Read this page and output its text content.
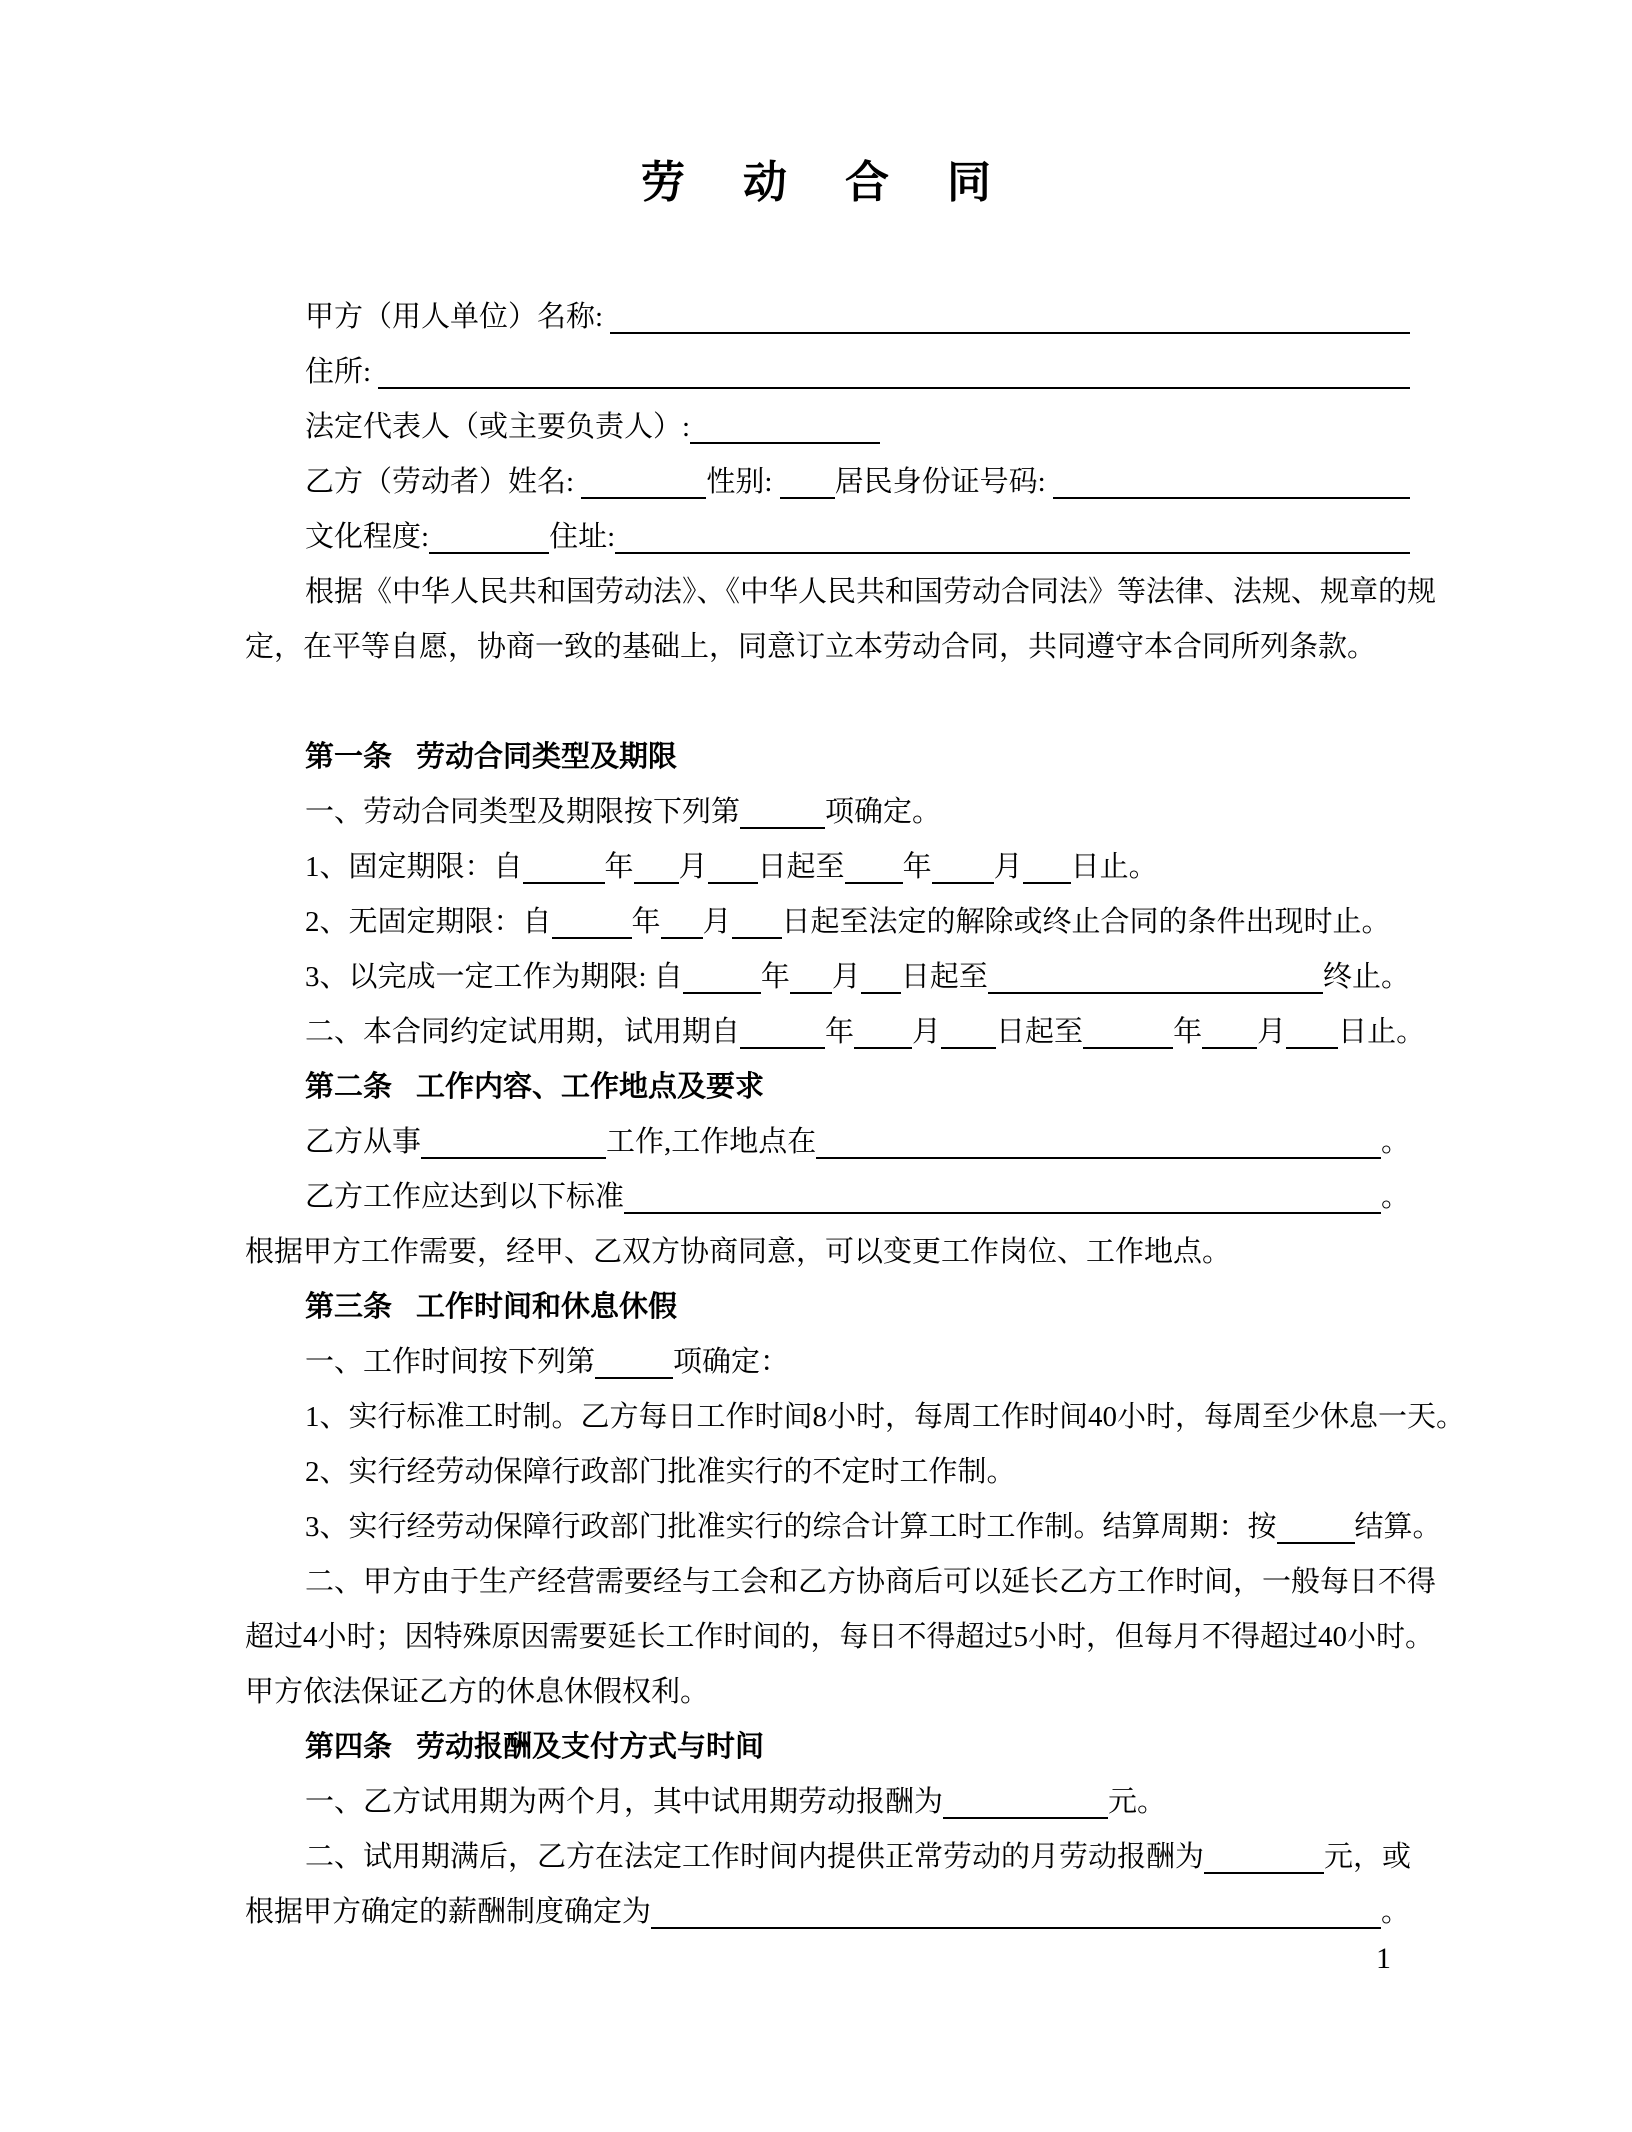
劳动合同
甲方（用人单位）名称:
住所:
法定代表人（或主要负责人）:
乙方（劳动者）姓名:	性别: 居民身份证号码:
文化程度:	住址:
根据《中华人民共和国劳动法》、《中华人民共和国劳动合同法》等法律、法规、规章的规
定，在平等自愿，协商一致的基础上，同意订立本劳动合同，共同遵守本合同所列条款。
第一条 劳动合同类型及期限
一、劳动合同类型及期限按下列第	项确定。
1、固定期限：自	年 月 日起至 年 月 日止。
2、无固定期限：自	年 月 日起至法定的解除或终止合同的条件出现时止。
3、以完成一定工作为期限: 自	年 月 日起至	终止。
二、本合同约定试用期，试用期自	年 月 日起至	年 月 日止。
第二条 工作内容、工作地点及要求
乙方从事	工作,工作地点在	。
乙方工作应达到以下标准	。
根据甲方工作需要，经甲、乙双方协商同意，可以变更工作岗位、工作地点。
第三条 工作时间和休息休假
一、工作时间按下列第	项确定：
1、实行标准工时制。乙方每日工作时间8小时，每周工作时间40小时，每周至少休息一天。
2、实行经劳动保障行政部门批准实行的不定时工作制。
3、实行经劳动保障行政部门批准实行的综合计算工时工作制。结算周期：按	结算。
二、甲方由于生产经营需要经与工会和乙方协商后可以延长乙方工作时间，一般每日不得
超过4小时；因特殊原因需要延长工作时间的，每日不得超过5小时，但每月不得超过40小时。
甲方依法保证乙方的休息休假权利。
第四条 劳动报酬及支付方式与时间
一、乙方试用期为两个月，其中试用期劳动报酬为	元。
二、试用期满后，乙方在法定工作时间内提供正常劳动的月劳动报酬为	元，或
根据甲方确定的薪酬制度确定为	。
1
